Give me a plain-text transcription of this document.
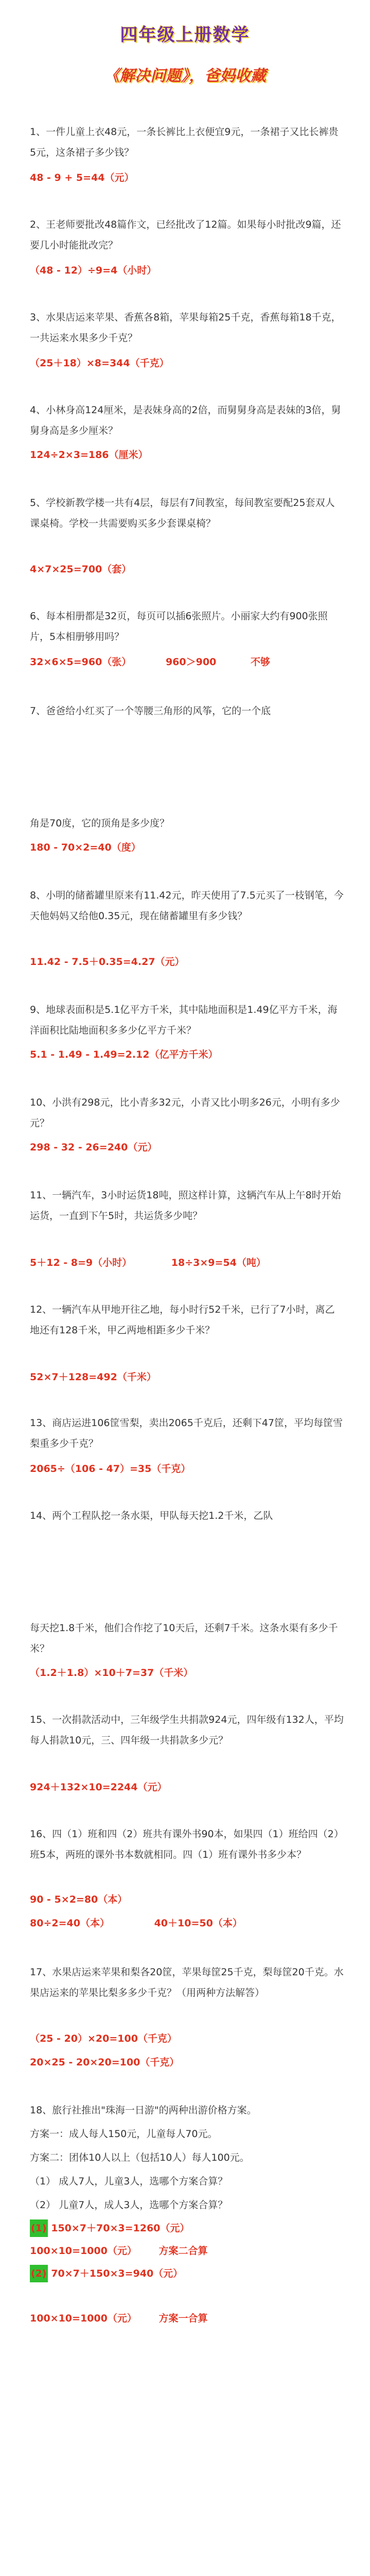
四年级上册数学
《解决问题》，爸妈收藏
1、一件儿童上衣48元，一条长裤比上衣便宜9元，一条裙子又比长裤贵5元，这条裙子多少钱？
48 - 9 + 5=44（元）
2、王老师要批改48篇作文，已经批改了12篇。如果每小时批改9篇，还要几小时能批改完？
（48 - 12）÷9=4（小时）
3、水果店运来苹果、香蕉各8箱，苹果每箱25千克，香蕉每箱18千克，一共运来水果多少千克？
（25＋18）×8=344（千克）
4、小林身高124厘米，是表妹身高的2倍，而舅舅身高是表妹的3倍，舅舅身高是多少厘米？
124÷2×3=186（厘米）
5、学校新教学楼一共有4层，每层有7间教室，每间教室要配25套双人课桌椅。学校一共需要购买多少套课桌椅？
4×7×25=700（套）
6、每本相册都是32页，每页可以插6张照片。小丽家大约有900张照片，5本相册够用吗？
32×6×5=960（张）	960＞900	不够
7、爸爸给小红买了一个等腰三角形的风筝，它的一个底
角是70度，它的顶角是多少度？
180 - 70×2=40（度）
8、小明的储蓄罐里原来有11.42元，昨天使用了7.5元买了一枝钢笔，今天他妈妈又给他0.35元，现在储蓄罐里有多少钱？
11.42 - 7.5＋0.35=4.27（元）
9、地球表面积是5.1亿平方千米，其中陆地面积是1.49亿平方千米，海洋面积比陆地面积多多少亿平方千米？
5.1 - 1.49 - 1.49=2.12（亿平方千米）
10、小洪有298元，比小青多32元，小青又比小明多26元，小明有多少元？
298 - 32 - 26=240（元）
11、一辆汽车，3小时运货18吨，照这样计算，这辆汽车从上午8时开始运货，一直到下午5时，共运货多少吨？
5＋12 - 8=9（小时）	18÷3×9=54（吨）
12、一辆汽车从甲地开往乙地，每小时行52千米，已行了7小时，离乙地还有128千米，甲乙两地相距多少千米？
52×7＋128=492（千米）
13、商店运进106筐雪梨，卖出2065千克后，还剩下47筐，平均每筐雪梨重多少千克？
2065÷（106 - 47）=35（千克）
14、两个工程队挖一条水渠，甲队每天挖1.2千米，乙队
每天挖1.8千米，他们合作挖了10天后，还剩7千米。这条水渠有多少千米？
（1.2＋1.8）×10＋7=37（千米）
15、一次捐款活动中，三年级学生共捐款924元，四年级有132人，平均每人捐款10元，三、四年级一共捐款多少元？
924＋132×10=2244（元）
16、四（1）班和四（2）班共有课外书90本，如果四（1）班给四（2）班5本，两班的课外书本数就相同。四（1）班有课外书多少本？
90 - 5×2=80（本）
80÷2=40（本）	40＋10=50（本）
17、水果店运来苹果和梨各20筐，苹果每筐25千克，梨每筐20千克。水果店运来的苹果比梨多多少千克？（用两种方法解答）
（25 - 20）×20=100（千克）
20×25 - 20×20=100（千克）
18、旅行社推出"珠海一日游"的两种出游价格方案。
方案一：成人每人150元，儿童每人70元。
方案二：团体10人以上（包括10人）每人100元。
（1） 成人7人，儿童3人，选哪个方案合算？
（2） 儿童7人，成人3人，选哪个方案合算？
(1) 150×7＋70×3=1260（元）
100×10=1000（元） 方案二合算
(2) 70×7＋150×3=940（元）
100×10=1000（元） 方案一合算
